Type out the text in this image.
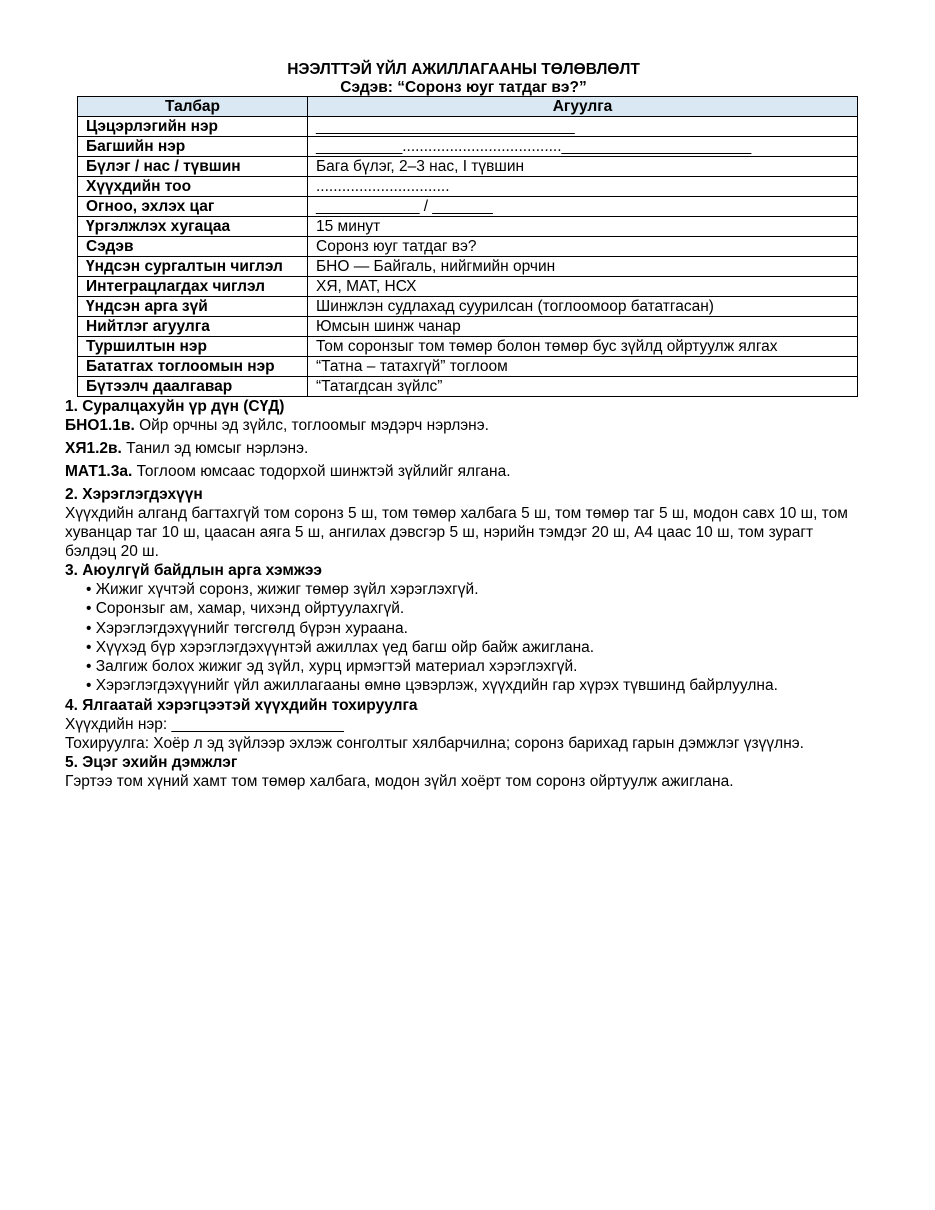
НЭЭЛТТЭЙ ҮЙЛ АЖИЛЛАГААНЫ ТӨЛӨВЛӨЛТ
Сэдэв: “Соронз юуг татдаг вэ?”
Талбар	Агуулга
Цэцэрлэгийн нэр	______________________________
Багшийн нэр	__________.....................................______________________
Бүлэг / нас / түвшин	Бага бүлэг, 2–3 нас, I түвшин
Хүүхдийн тоо	...............................
Огноо, эхлэх цаг	____________ / _______
Үргэлжлэх хугацаа	15 минут
Сэдэв	Соронз юуг татдаг вэ?
Үндсэн сургалтын чиглэл	БНО — Байгаль, нийгмийн орчин
Интеграцлагдах чиглэл	ХЯ, МАТ, НСХ
Үндсэн арга зүй	Шинжлэн судлахад суурилсан (тоглоомоор бататгасан)
Нийтлэг агуулга	Юмсын шинж чанар
Туршилтын нэр	Том соронзыг том төмөр болон төмөр бус зүйлд ойртуулж ялгах
Бататгах тоглоомын нэр	“Татна – татахгүй” тоглоом
Бүтээлч даалгавар	“Татагдсан зүйлс”

1. Суралцахуйн үр дүн (СҮД)

БНО1.1в. Ойр орчны эд зүйлс, тоглоомыг мэдэрч нэрлэнэ.

ХЯ1.2в. Танил эд юмсыг нэрлэнэ.

МАТ1.3а. Тоглоом юмсаас тодорхой шинжтэй зүйлийг ялгана.

2. Хэрэглэгдэхүүн

Хүүхдийн алганд багтахгүй том соронз 5 ш, том төмөр халбага 5 ш, том төмөр таг 5 ш, модон савх 10 ш, том хуванцар таг 10 ш, цаасан аяга 5 ш, ангилах дэвсгэр 5 ш, нэрийн тэмдэг 20 ш, А4 цаас 10 ш, том зурагт бэлдэц 20 ш.

3. Аюулгүй байдлын арга хэмжээ

• Жижиг хүчтэй соронз, жижиг төмөр зүйл хэрэглэхгүй.
• Соронзыг ам, хамар, чихэнд ойртуулахгүй.
• Хэрэглэгдэхүүнийг төгсгөлд бүрэн хураана.
• Хүүхэд бүр хэрэглэгдэхүүнтэй ажиллах үед багш ойр байж ажиглана.
• Залгиж болох жижиг эд зүйл, хурц ирмэгтэй материал хэрэглэхгүй.
• Хэрэглэгдэхүүнийг үйл ажиллагааны өмнө цэвэрлэж, хүүхдийн гар хүрэх түвшинд байрлуулна.

4. Ялгаатай хэрэгцээтэй хүүхдийн тохируулга

Хүүхдийн нэр: ____________________

Тохируулга: Хоёр л эд зүйлээр эхлэж сонголтыг хялбарчилна; соронз барихад гарын дэмжлэг үзүүлнэ.

5. Эцэг эхийн дэмжлэг

Гэртээ том хүний хамт том төмөр халбага, модон зүйл хоёрт том соронз ойртуулж ажиглана.
